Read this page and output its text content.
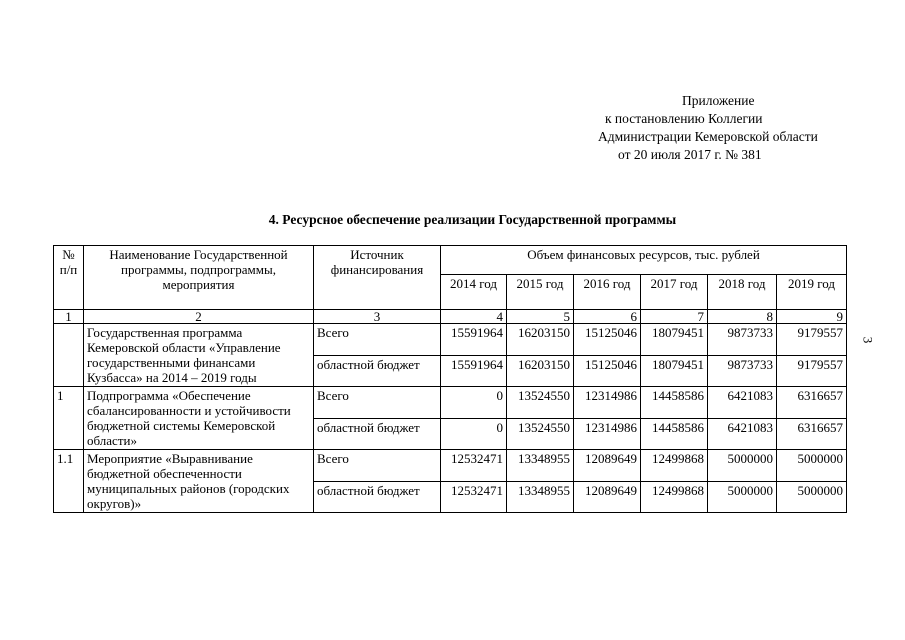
Приложение
к постановлению Коллегии
Администрации Кемеровской области
от 20 июля 2017 г. № 381
4. Ресурсное обеспечение реализации Государственной программы
3
№ п/п	Наименование Государственной программы, подпрограммы, мероприятия	Источник финансирования	Объем финансовых ресурсов, тыс. рублей					
			2014 год	2015 год	2016 год	2017 год	2018 год	2019 год
1	2	3	4	5	6	7	8	9
	Государственная программа Кемеровской области «Управление государственными финансами Кузбасса» на 2014 – 2019 годы	Всего	15591964	16203150	15125046	18079451	9873733	9179557
		областной бюджет	15591964	16203150	15125046	18079451	9873733	9179557
1	Подпрограмма «Обеспечение сбалансированности и устойчивости бюджетной системы Кемеровской области»	Всего	0	13524550	12314986	14458586	6421083	6316657
		областной бюджет	0	13524550	12314986	14458586	6421083	6316657
1.1	Мероприятие «Выравнивание бюджетной обеспеченности муниципальных районов (городских округов)»	Всего	12532471	13348955	12089649	12499868	5000000	5000000
		областной бюджет	12532471	13348955	12089649	12499868	5000000	5000000
